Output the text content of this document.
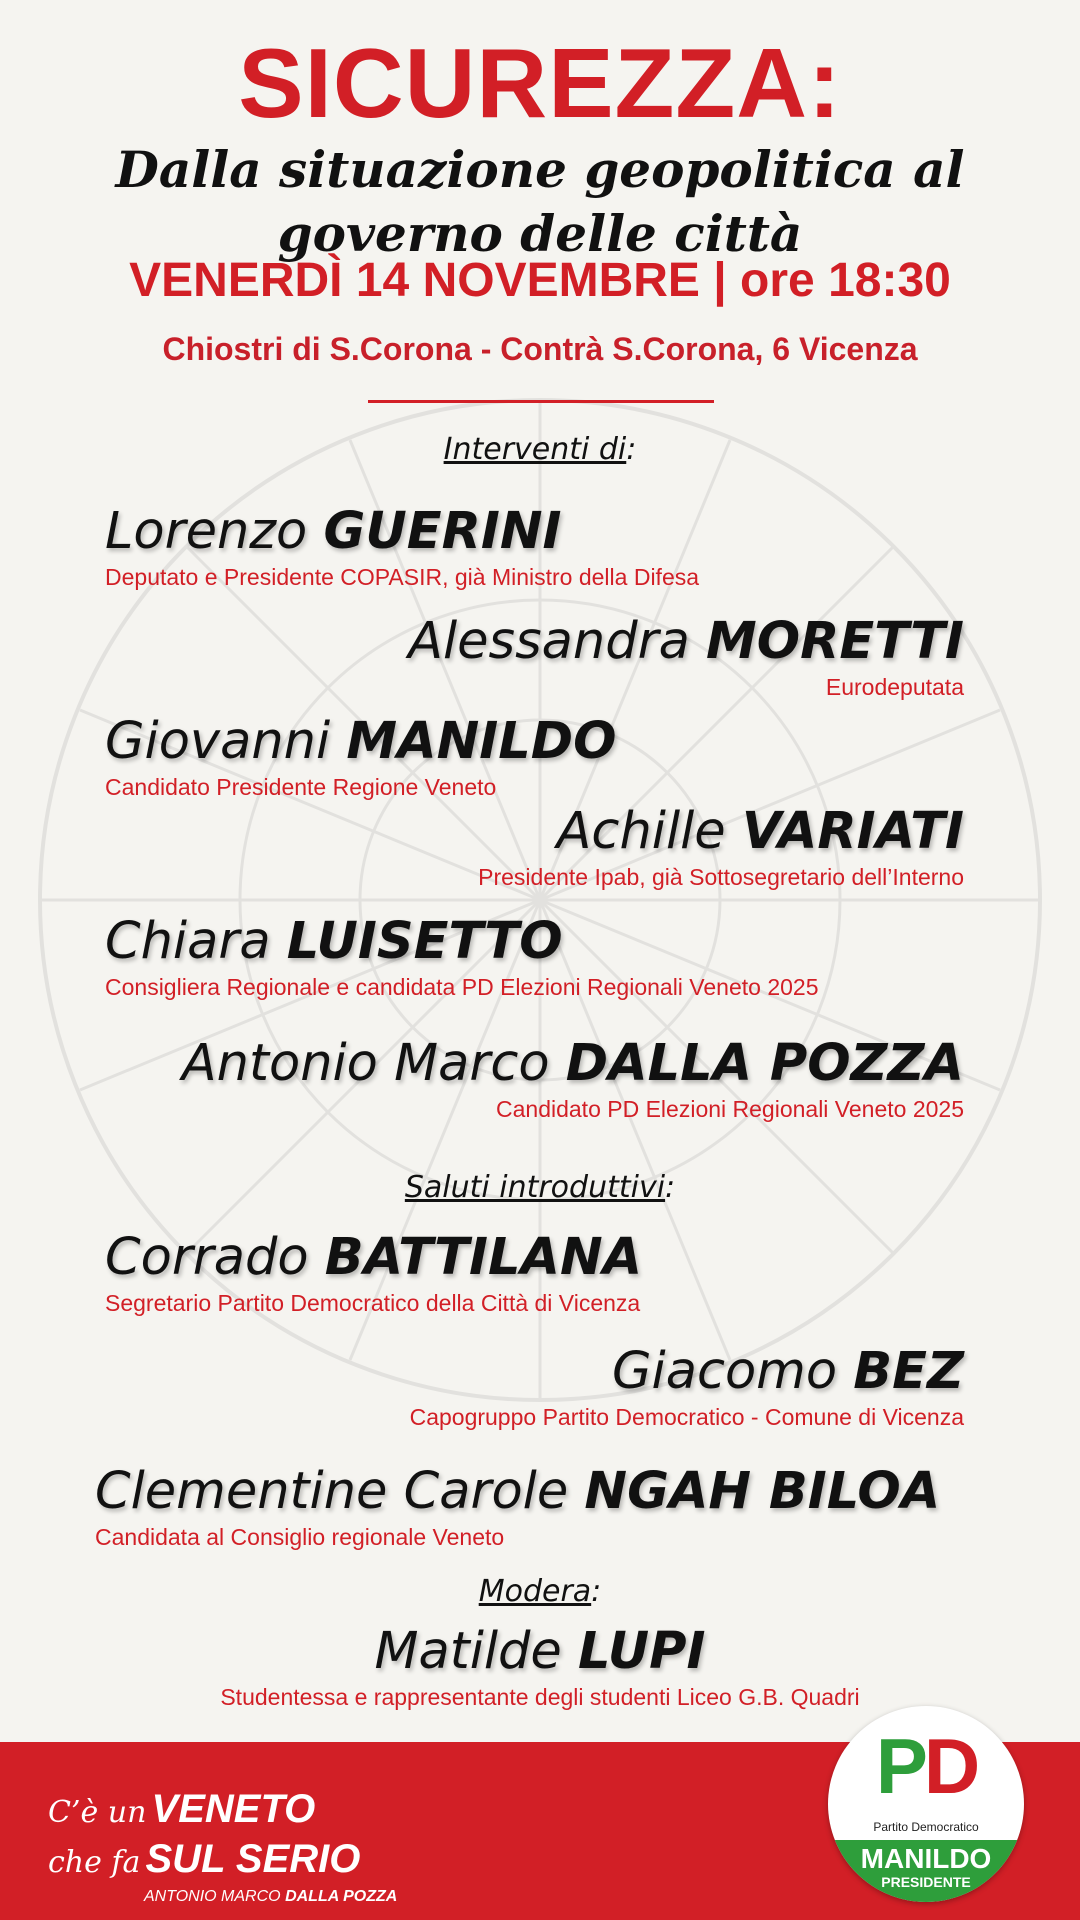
SICUREZZA:
Dalla situazione geopolitica al governo delle città
VENERDÌ 14 NOVEMBRE | ore 18:30
Chiostri di S.Corona - Contrà S.Corona, 6 Vicenza
Interventi di:
Lorenzo GUERINI
Deputato e Presidente COPASIR, già Ministro della Difesa
Alessandra MORETTI
Eurodeputata
Giovanni MANILDO
Candidato Presidente Regione Veneto
Achille VARIATI
Presidente Ipab, già Sottosegretario dell’Interno
Chiara LUISETTO
Consigliera Regionale e candidata PD Elezioni Regionali Veneto 2025
Antonio Marco DALLA POZZA
Candidato PD Elezioni Regionali Veneto 2025
Saluti introduttivi:
Corrado BATTILANA
Segretario Partito Democratico della Città di Vicenza
Giacomo BEZ
Capogruppo Partito Democratico - Comune di Vicenza
Clementine Carole NGAH BILOA
Candidata al Consiglio regionale Veneto
Modera:
Matilde LUPI
Studentessa e rappresentante degli studenti Liceo G.B. Quadri
C’è un VENETO
che fa SUL SERIO
ANTONIO MARCO DALLA POZZA
PD
Partito Democratico
MANILDO
PRESIDENTE
